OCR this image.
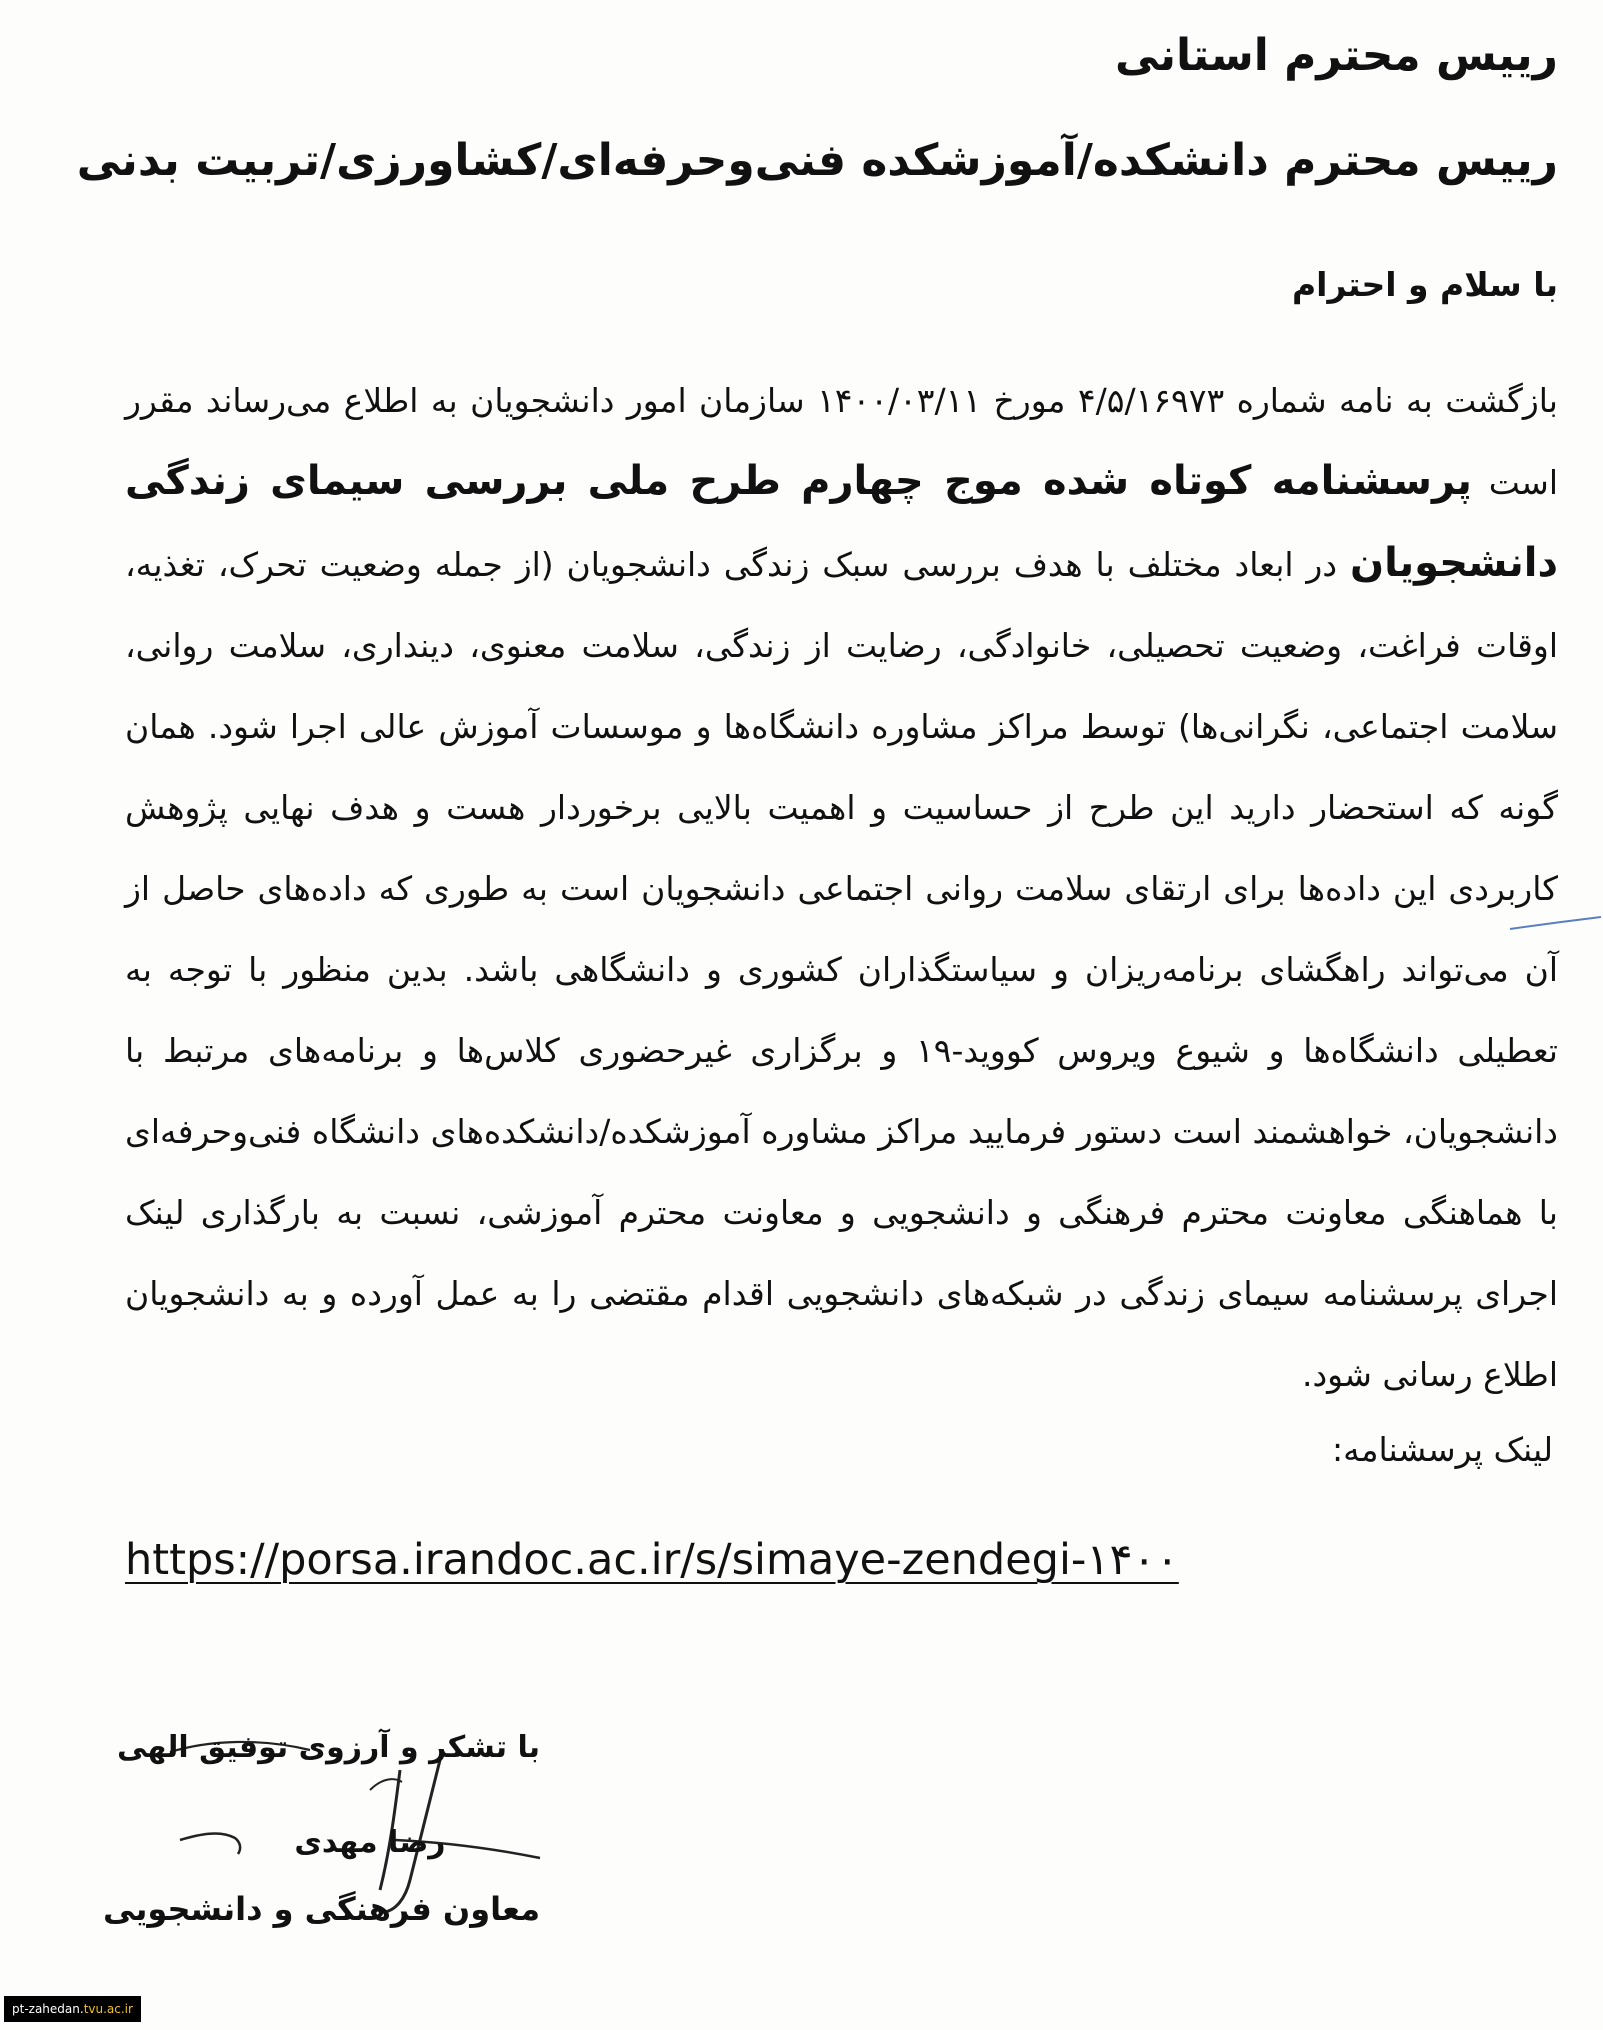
رییس محترم استانی
رییس محترم دانشکده/آموزشکده فنی‌وحرفه‌ای/کشاورزی/تربیت بدنی
با سلام و احترام
بازگشت به نامه شماره ۴/۵/۱۶۹۷۳ مورخ ۱۴۰۰/۰۳/۱۱ سازمان امور دانشجویان به اطلاع می‌رساند مقرر است پرسشنامه کوتاه شده موج چهارم طرح ملی بررسی سیمای زندگی دانشجویان در ابعاد مختلف با هدف بررسی سبک زندگی دانشجویان (از جمله وضعیت تحرک، تغذیه، اوقات فراغت، وضعیت تحصیلی، خانوادگی، رضایت از زندگی، سلامت معنوی، دینداری، سلامت روانی، سلامت اجتماعی، نگرانی‌ها) توسط مراکز مشاوره دانشگاه‌ها و موسسات آموزش عالی اجرا شود. همان گونه که استحضار دارید این طرح از حساسیت و اهمیت بالایی برخوردار هست و هدف نهایی پژوهش کاربردی این داده‌ها برای ارتقای سلامت روانی اجتماعی دانشجویان است به طوری که داده‌های حاصل از آن می‌تواند راهگشای برنامه‌ریزان و سیاستگذاران کشوری و دانشگاهی باشد. بدین منظور با توجه به تعطیلی دانشگاه‌ها و شیوع ویروس کووید-۱۹ و برگزاری غیرحضوری کلاس‌ها و برنامه‌های مرتبط با دانشجویان، خواهشمند است دستور فرمایید مراکز مشاوره آموزشکده/دانشکده‌های دانشگاه فنی‌وحرفه‌ای با هماهنگی معاونت محترم فرهنگی و دانشجویی و معاونت محترم آموزشی، نسبت به بارگذاری لینک اجرای پرسشنامه سیمای زندگی در شبکه‌های دانشجویی اقدام مقتضی را به عمل آورده و به دانشجویان اطلاع رسانی شود.
لینک پرسشنامه:
https://porsa.irandoc.ac.ir/s/simaye-zendegi-۱۴۰۰
با تشکر و آرزوی توفیق الهی
رضا مهدی
معاون فرهنگی و دانشجویی
pt-zahedan.tvu.ac.ir
